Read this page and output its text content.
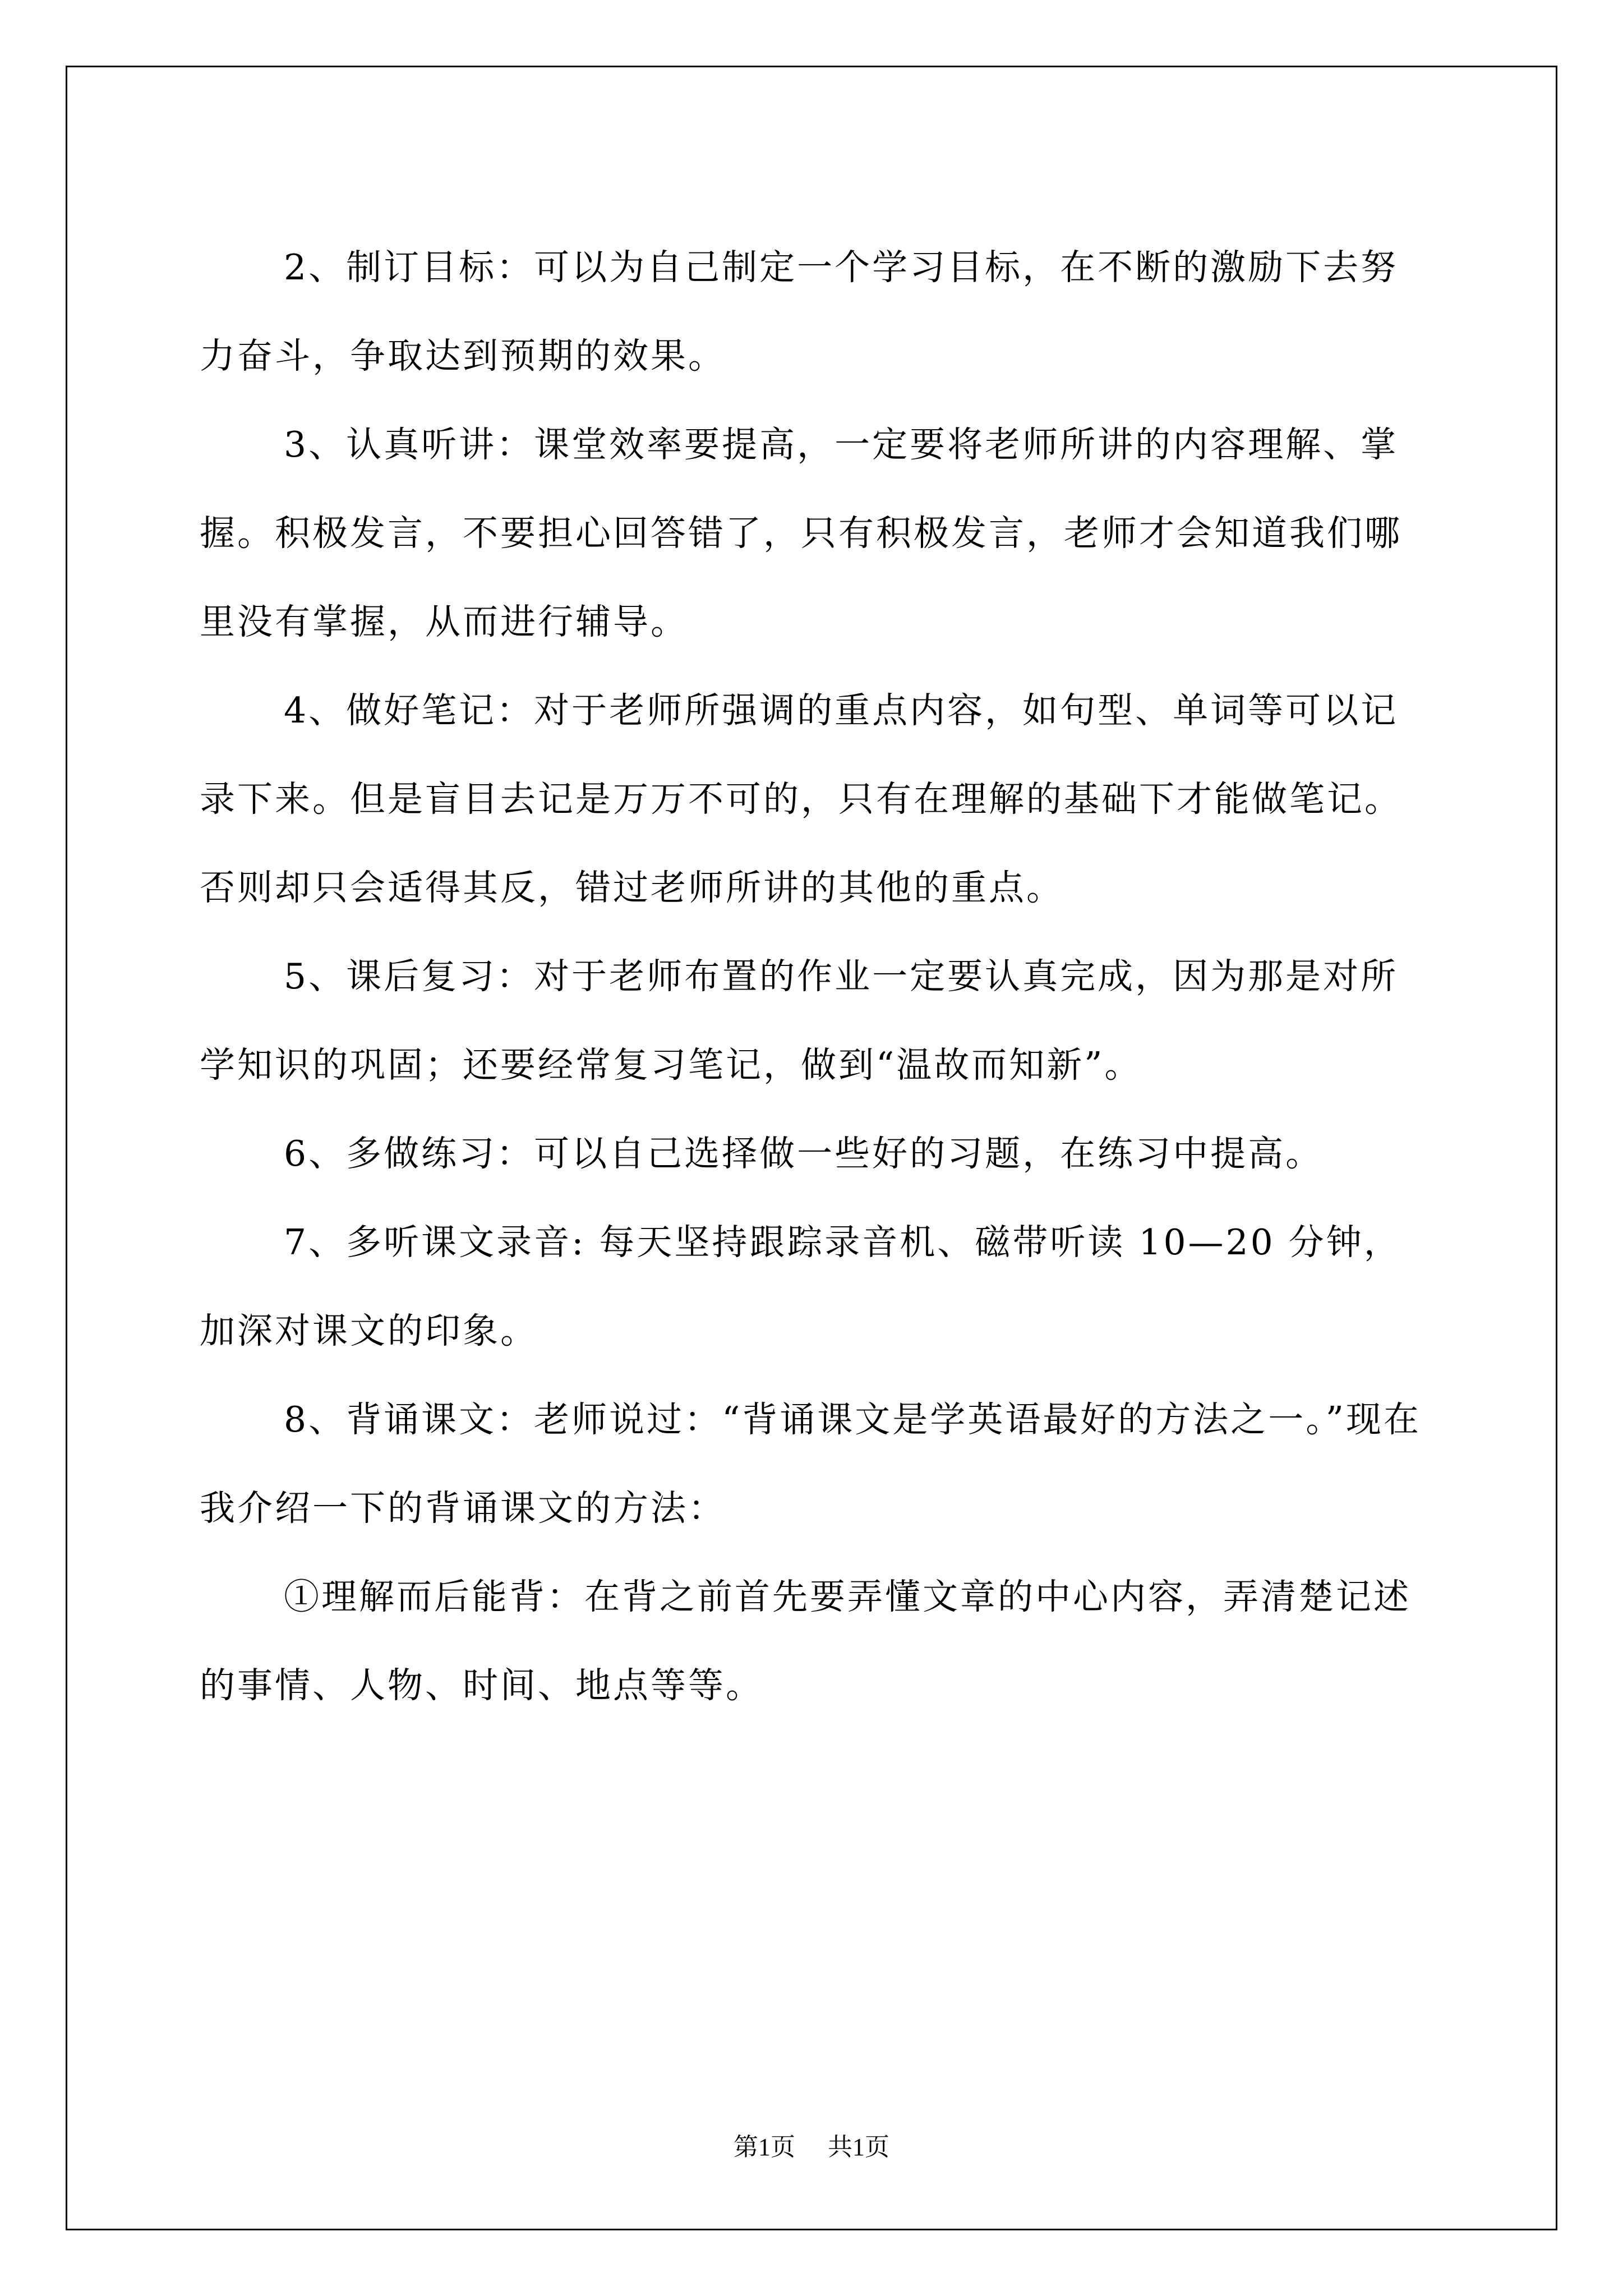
2、制订目标：可以为自己制定一个学习目标，在不断的激励下去努力奋斗，争取达到预期的效果。

3、认真听讲：课堂效率要提高，一定要将老师所讲的内容理解、掌握。积极发言，不要担心回答错了，只有积极发言，老师才会知道我们哪里没有掌握，从而进行辅导。

4、做好笔记：对于老师所强调的重点内容，如句型、单词等可以记录下来。但是盲目去记是万万不可的，只有在理解的基础下才能做笔记。否则却只会适得其反，错过老师所讲的其他的重点。

5、课后复习：对于老师布置的作业一定要认真完成，因为那是对所学知识的巩固；还要经常复习笔记，做到“温故而知新”。

6、多做练习：可以自己选择做一些好的习题，在练习中提高。

7、多听课文录音: 每天坚持跟踪录音机、磁带听读 10—20 分钟，加深对课文的印象。

8、背诵课文：老师说过：“背诵课文是学英语最好的方法之一。”现在我介绍一下的背诵课文的方法：

①理解而后能背：在背之前首先要弄懂文章的中心内容，弄清楚记述的事情、人物、时间、地点等等。

第1页 共1页
